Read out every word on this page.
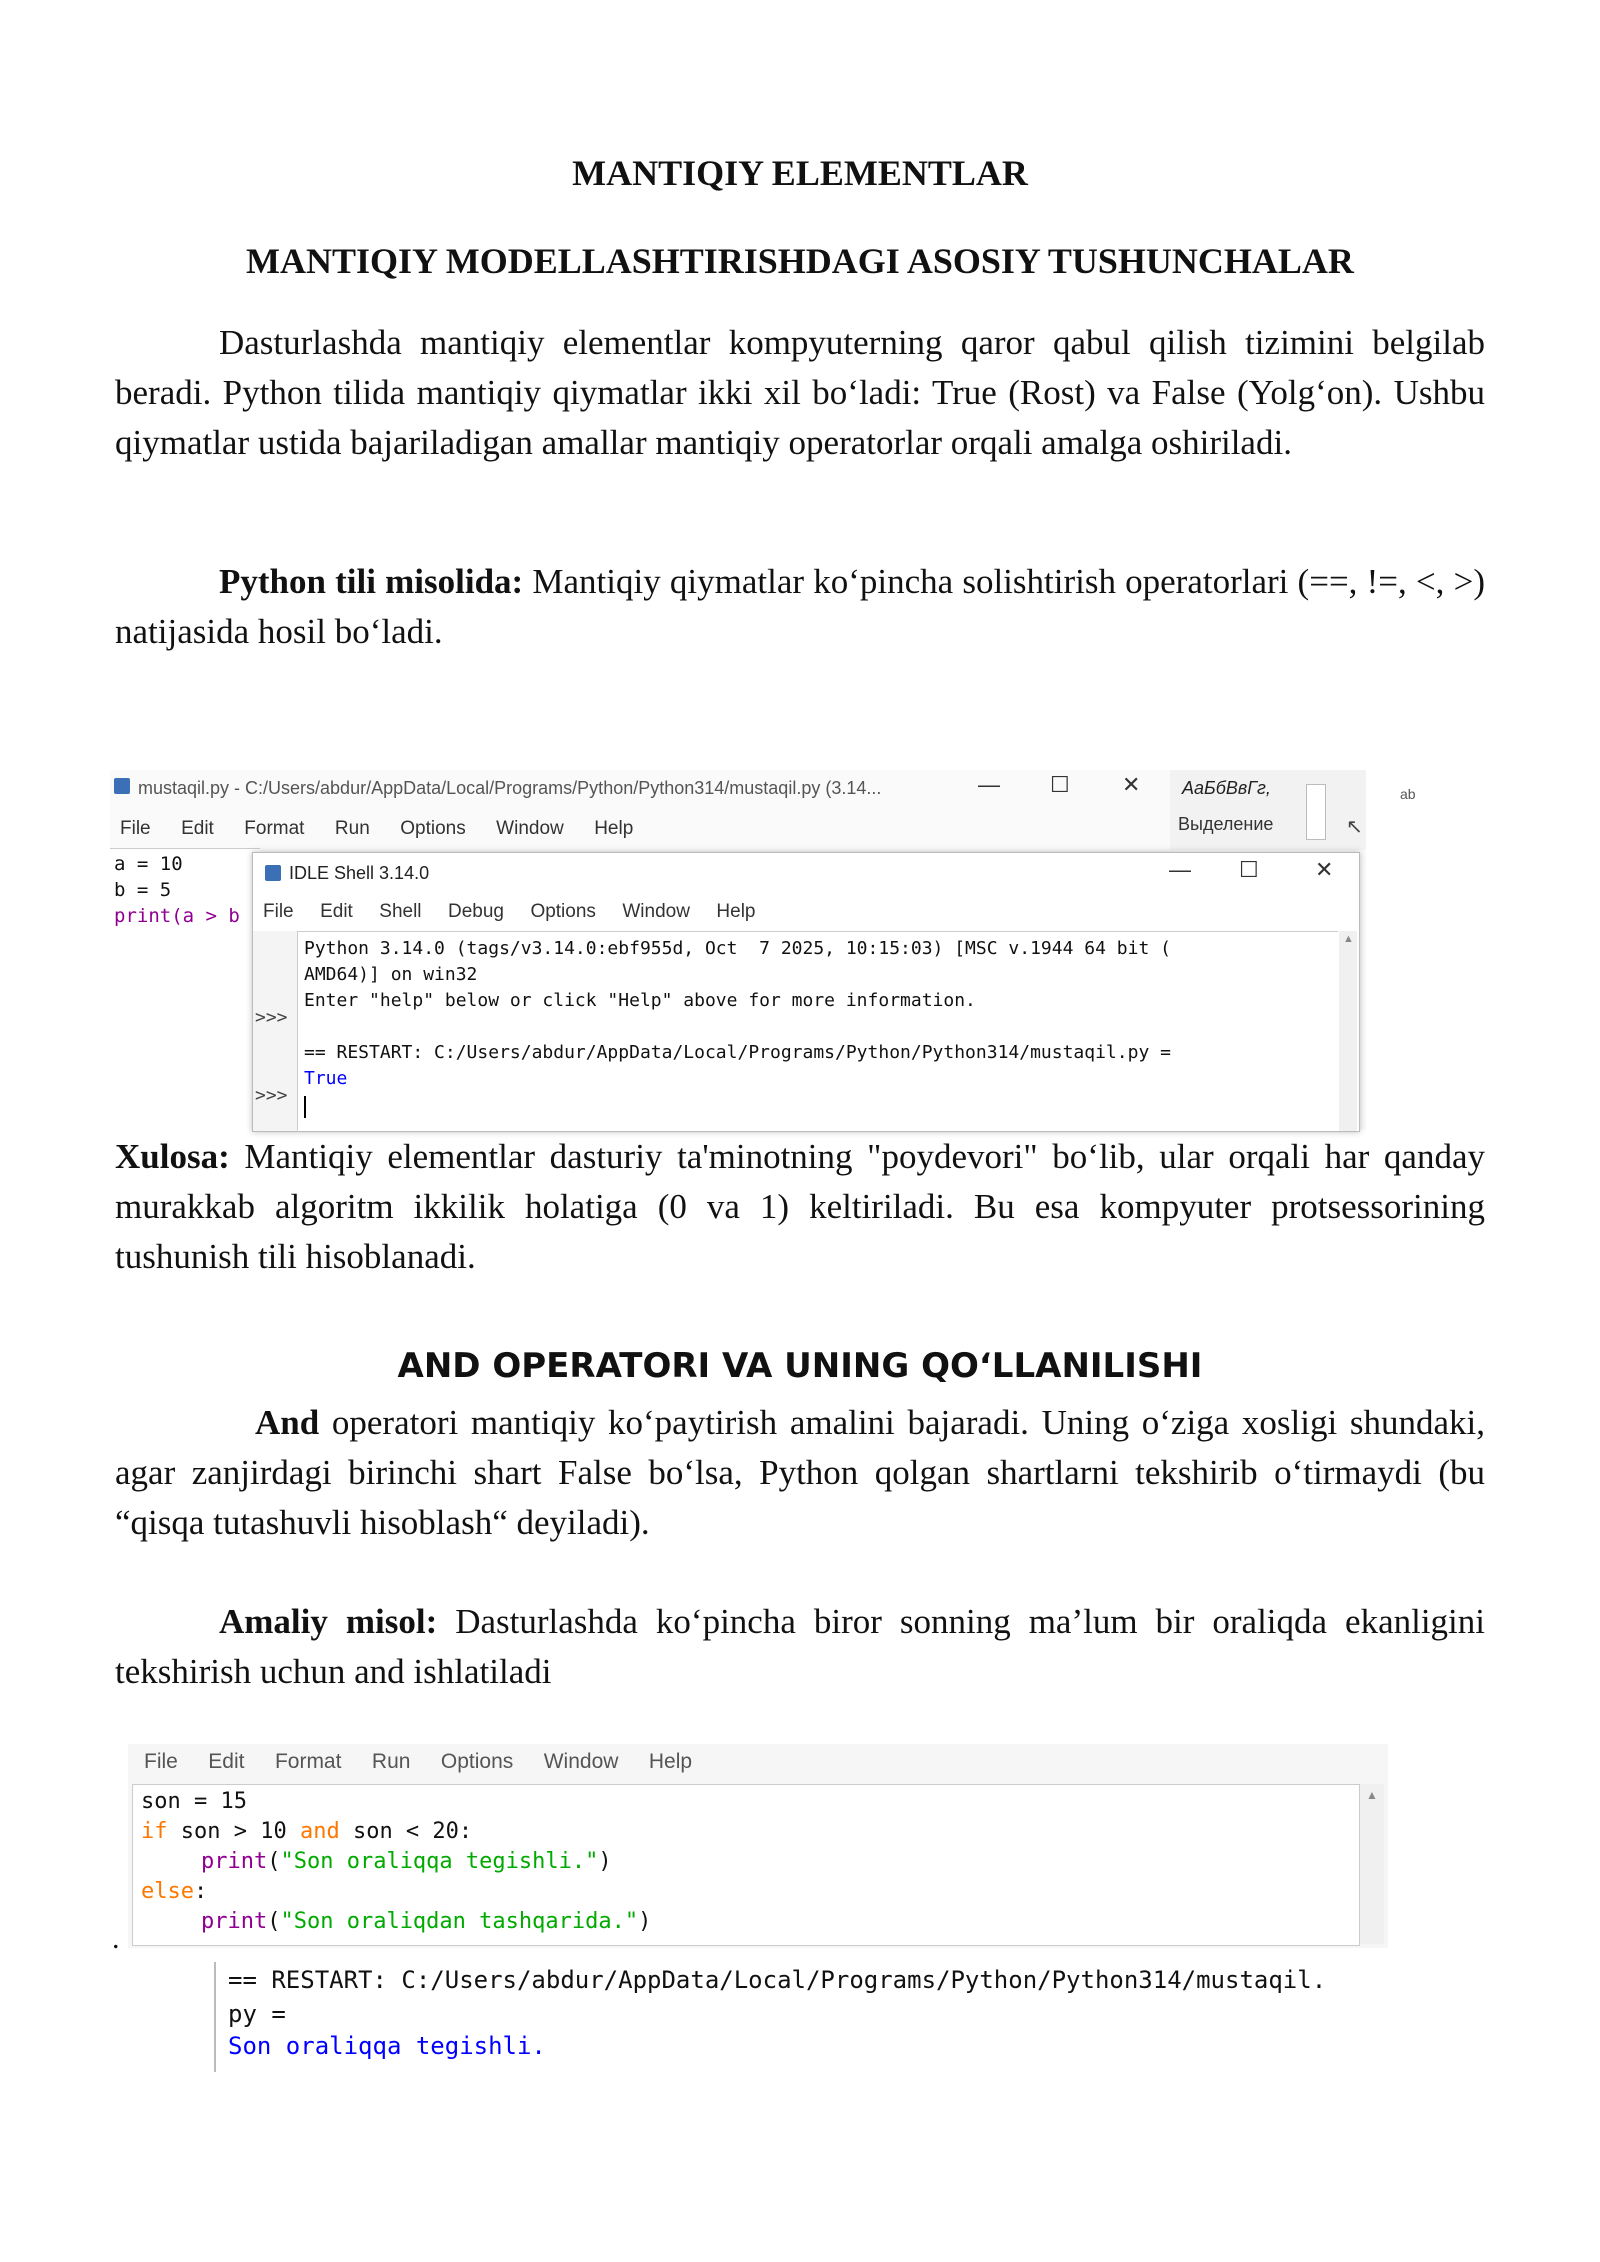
MANTIQIY ELEMENTLAR
MANTIQIY MODELLASHTIRISHDAGI ASOSIY TUSHUNCHALAR
Dasturlashda mantiqiy elementlar kompyuterning qaror qabul qilish tizimini belgilab beradi. Python tilida mantiqiy qiymatlar ikki xil bo‘ladi: True (Rost) va False (Yolg‘on). Ushbu qiymatlar ustida bajariladigan amallar mantiqiy operatorlar orqali amalga oshiriladi.
Python tili misolida: Mantiqiy qiymatlar ko‘pincha solishtirish operatorlari (==, !=, <, >) natijasida hosil bo‘ladi.
mustaqil.py - C:/Users/abdur/AppData/Local/Programs/Python/Python314/mustaqil.py (3.14...	— ☐ ✕ АаБбВвГг,
Выделение
ab
↖
File Edit Format Run Options Window Help
a = 10
b = 5
print(a > b
IDLE Shell 3.14.0	— ☐	✕
File Edit Shell Debug Options Window Help
>>>
>>>
Python 3.14.0 (tags/v3.14.0:ebf955d, Oct  7 2025, 10:15:03) [MSC v.1944 64 bit (
AMD64)] on win32
Enter "help" below or click "Help" above for more information.
== RESTART: C:/Users/abdur/AppData/Local/Programs/Python/Python314/mustaqil.py =
True
▲
Xulosa: Mantiqiy elementlar dasturiy ta'minotning "poydevori" bo‘lib, ular orqali har qanday murakkab algoritm ikkilik holatiga (0 va 1) keltiriladi. Bu esa kompyuter protsessorining tushunish tili hisoblanadi.
AND OPERATORI VA UNING QO‘LLANILISHI
And operatori mantiqiy ko‘paytirish amalini bajaradi. Uning o‘ziga xosligi shundaki, agar zanjirdagi birinchi shart False bo‘lsa, Python qolgan shartlarni tekshirib o‘tirmaydi (bu “qisqa tutashuvli hisoblash“ deyiladi).
Amaliy misol: Dasturlashda ko‘pincha biror sonning ma’lum bir oraliqda ekanligini tekshirish uchun and ishlatiladi
File Edit Format Run Options Window Help
son = 15
if son > 10 and son < 20:
print("Son oraliqqa tegishli.")
else:
print("Son oraliqdan tashqarida.")
▲
.
== RESTART: C:/Users/abdur/AppData/Local/Programs/Python/Python314/mustaqil.
py =
Son oraliqqa tegishli.
